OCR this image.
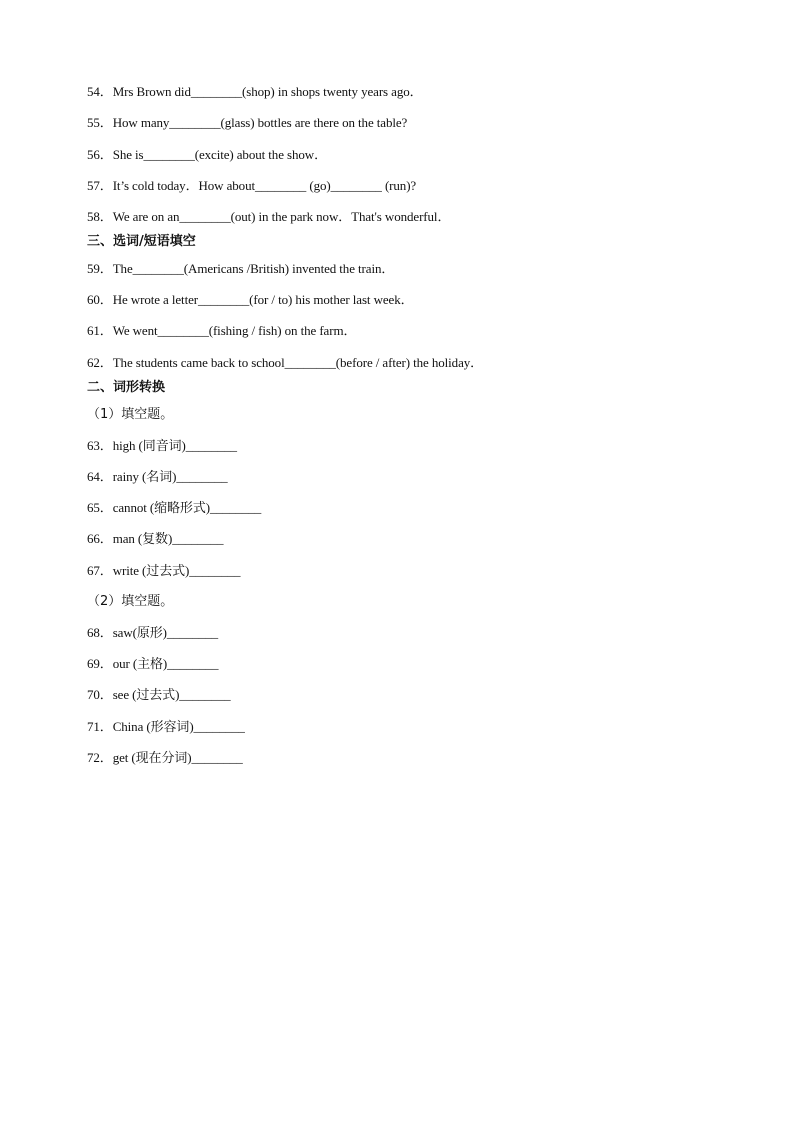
54．Mrs Brown did________(shop) in shops twenty years ago．
55．How many________(glass) bottles are there on the table?
56．She is________(excite) about the show．
57．It’s cold today．How about________ (go)________ (run)?
58．We are on an________(out) in the park now．That's wonderful．
三、选词/短语填空
59．The________(Americans /British) invented the train．
60．He wrote a letter________(for / to) his mother last week．
61．We went________(fishing / fish) on the farm．
62．The students came back to school________(before / after) the holiday．
二、词形转换
（1）填空题。
63．high (同音词)________
64．rainy (名词)________
65．cannot (缩略形式)________
66．man (复数)________
67．write (过去式)________
（2）填空题。
68．saw(原形)________
69．our (主格)________
70．see (过去式)________
71．China (形容词)________
72．get (现在分词)________
